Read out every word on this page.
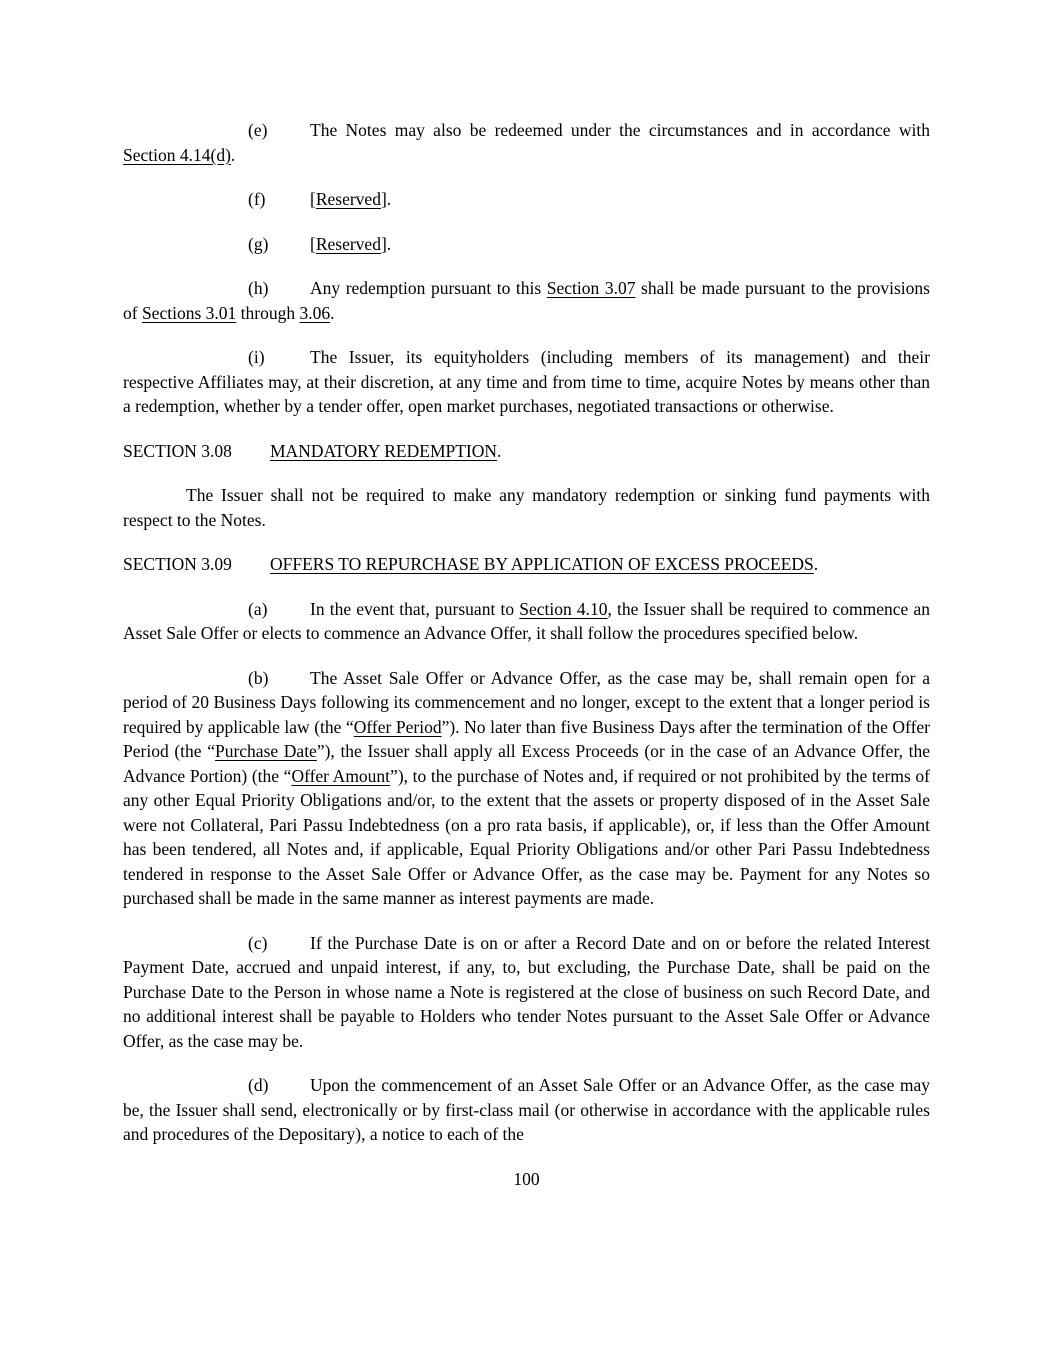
(e) The Notes may also be redeemed under the circumstances and in accordance with Section 4.14(d).
(f)	[Reserved].
(g) [Reserved].
(h) Any redemption pursuant to this Section 3.07 shall be made pursuant to the provisions of Sections 3.01 through 3.06.
(i)	The Issuer, its equityholders (including members of its management) and their respective Affiliates may, at their discretion, at any time and from time to time, acquire Notes by means other than a redemption, whether by a tender offer, open market purchases, negotiated transactions or otherwise.
SECTION 3.08 MANDATORY REDEMPTION.
The Issuer shall not be required to make any mandatory redemption or sinking fund payments with respect to the Notes.
SECTION 3.09 OFFERS TO REPURCHASE BY APPLICATION OF EXCESS PROCEEDS.
(a) In the event that, pursuant to Section 4.10, the Issuer shall be required to commence an Asset Sale Offer or elects to commence an Advance Offer, it shall follow the procedures specified below.
(b) The Asset Sale Offer or Advance Offer, as the case may be, shall remain open for a period of 20 Business Days following its commencement and no longer, except to the extent that a longer period is required by applicable law (the “Offer Period”). No later than five Business Days after the termination of the Offer Period (the “Purchase Date”), the Issuer shall apply all Excess Proceeds (or in the case of an Advance Offer, the Advance Portion) (the “Offer Amount”), to the purchase of Notes and, if required or not prohibited by the terms of any other Equal Priority Obligations and/or, to the extent that the assets or property disposed of in the Asset Sale were not Collateral, Pari Passu Indebtedness (on a pro rata basis, if applicable), or, if less than the Offer Amount has been tendered, all Notes and, if applicable, Equal Priority Obligations and/or other Pari Passu Indebtedness tendered in response to the Asset Sale Offer or Advance Offer, as the case may be. Payment for any Notes so purchased shall be made in the same manner as interest payments are made.
(c) If the Purchase Date is on or after a Record Date and on or before the related Interest Payment Date, accrued and unpaid interest, if any, to, but excluding, the Purchase Date, shall be paid on the Purchase Date to the Person in whose name a Note is registered at the close of business on such Record Date, and no additional interest shall be payable to Holders who tender Notes pursuant to the Asset Sale Offer or Advance Offer, as the case may be.
(d) Upon the commencement of an Asset Sale Offer or an Advance Offer, as the case may be, the Issuer shall send, electronically or by first-class mail (or otherwise in accordance with the applicable rules and procedures of the Depositary), a notice to each of the
100
